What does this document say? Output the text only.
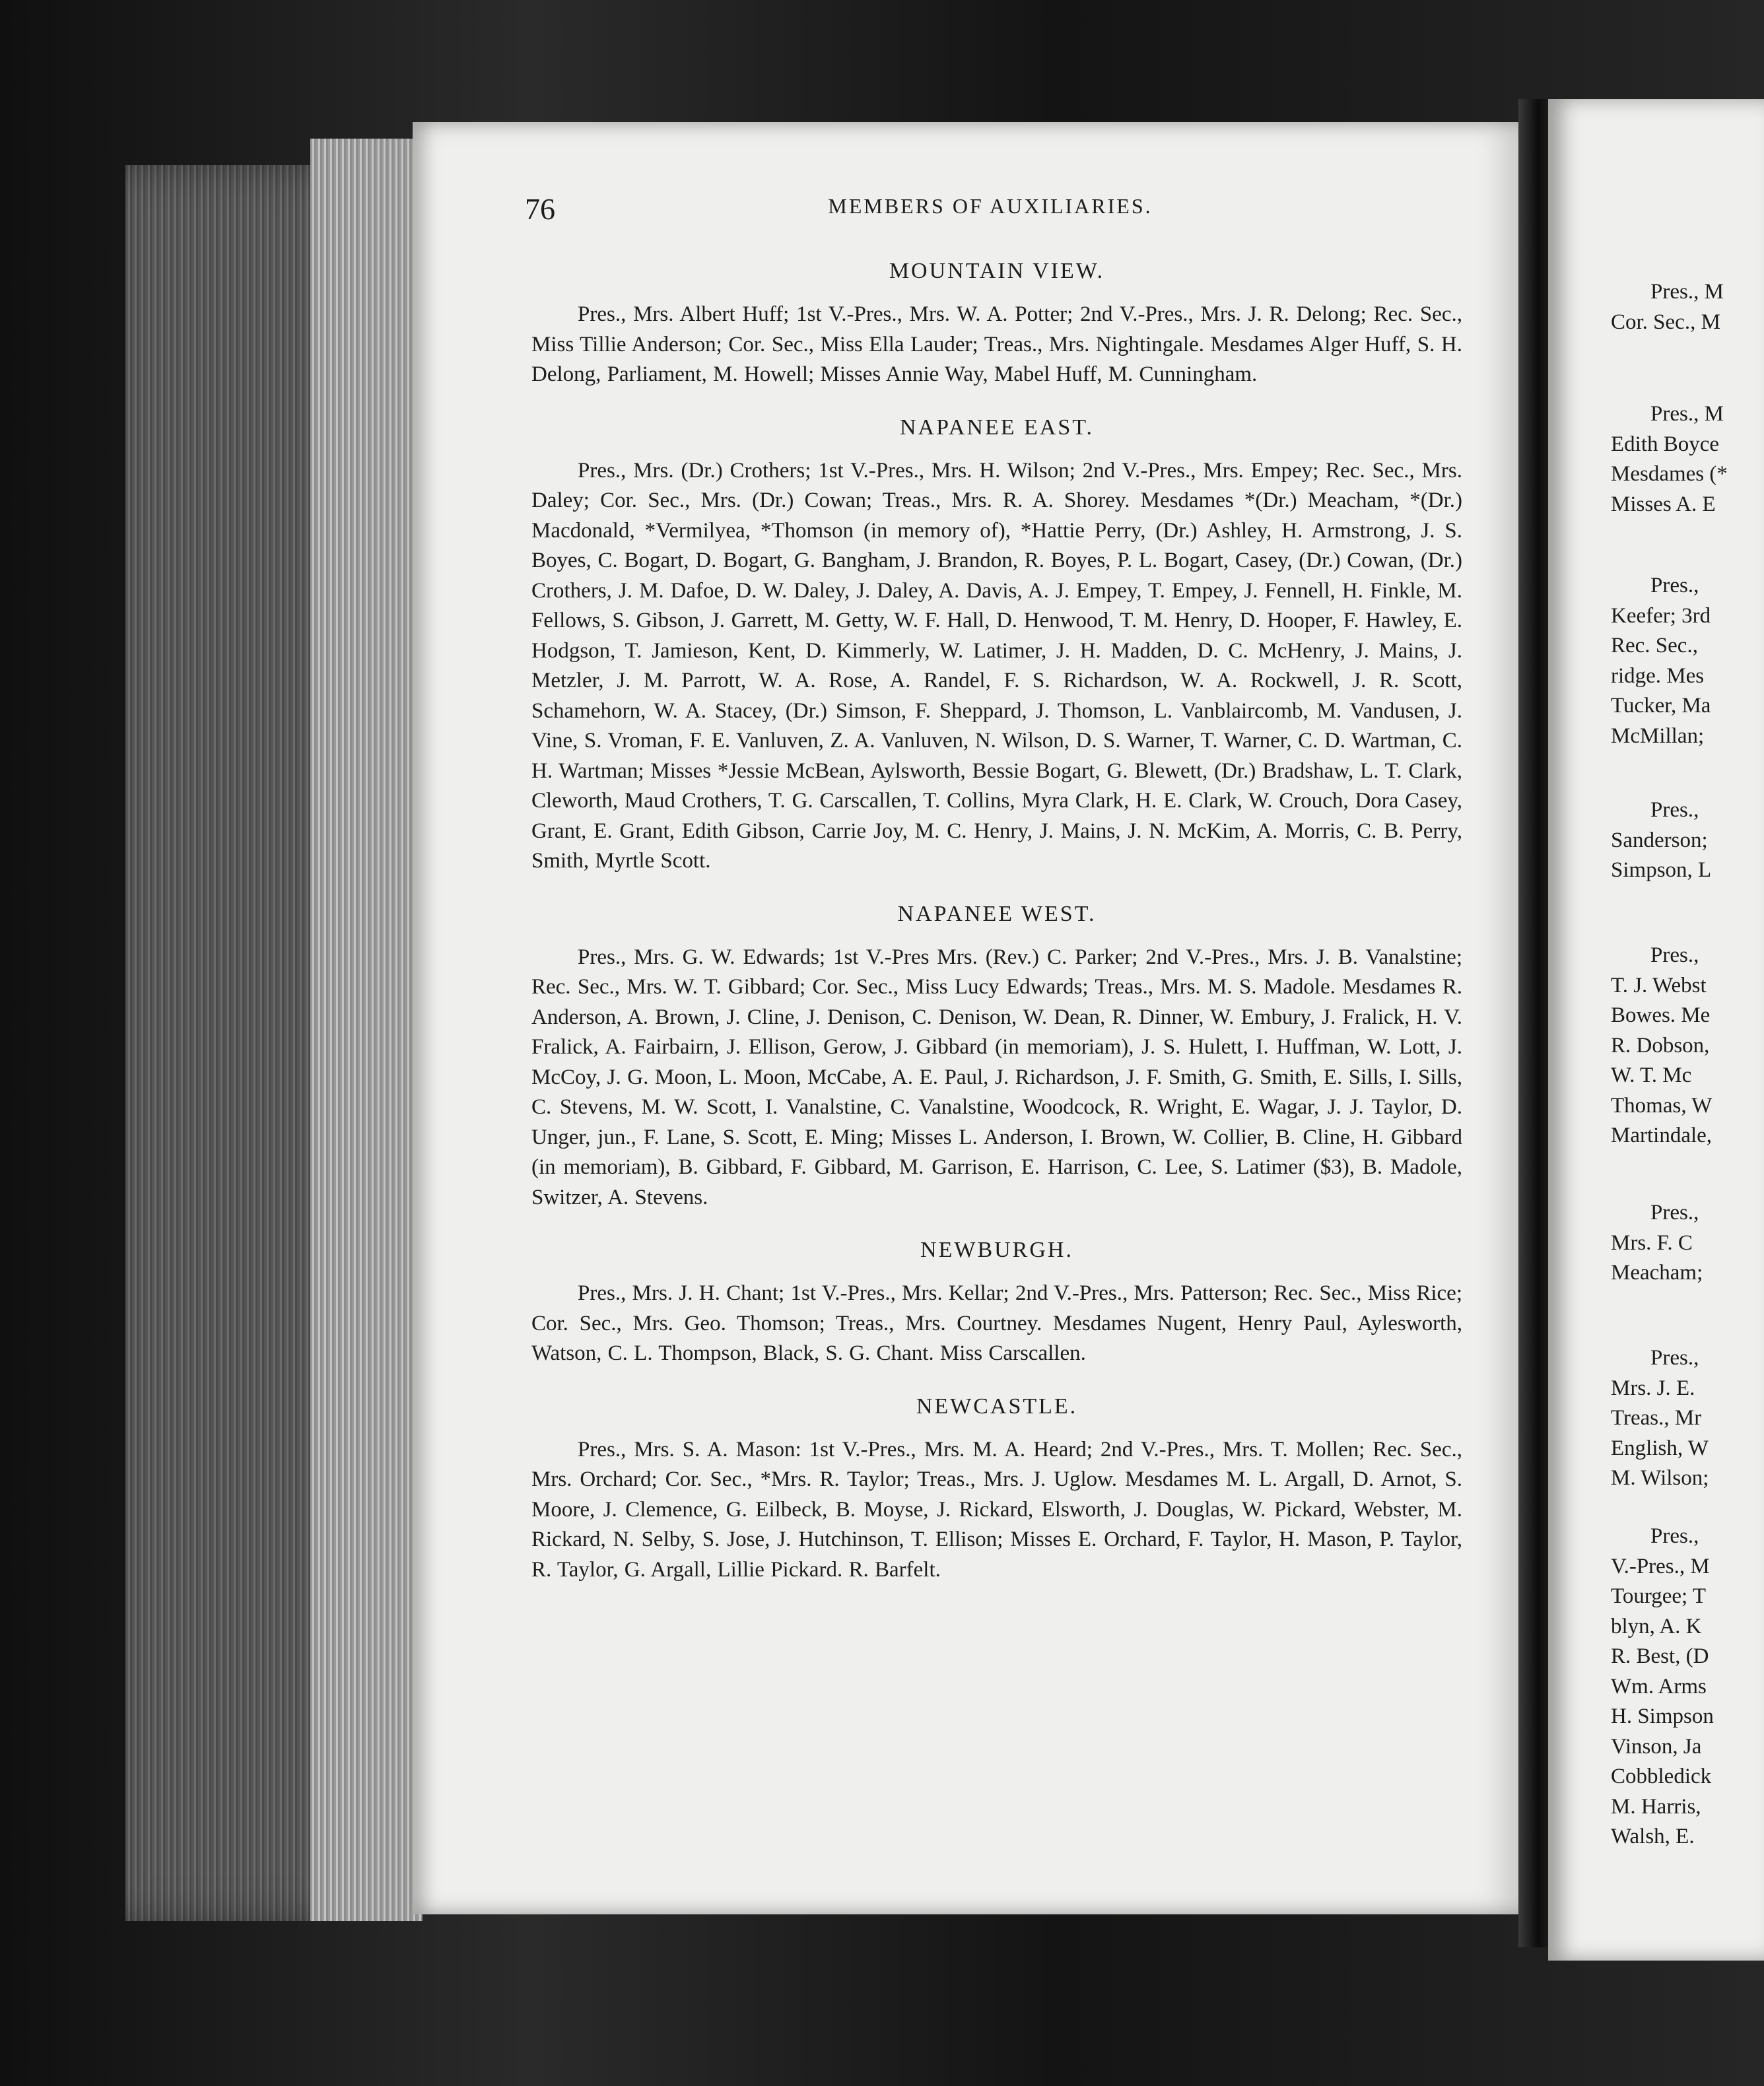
76	MEMBERS OF AUXILIARIES.

MOUNTAIN VIEW.

Pres., Mrs. Albert Huff; 1st V.-Pres., Mrs. W. A. Potter; 2nd V.-Pres., Mrs. J. R. Delong; Rec. Sec., Miss Tillie Anderson; Cor. Sec., Miss Ella Lauder; Treas., Mrs. Nightingale. Mesdames Alger Huff, S. H. Delong, Parliament, M. Howell; Misses Annie Way, Mabel Huff, M. Cunningham.

NAPANEE EAST.

Pres., Mrs. (Dr.) Crothers; 1st V.-Pres., Mrs. H. Wilson; 2nd V.-Pres., Mrs. Empey; Rec. Sec., Mrs. Daley; Cor. Sec., Mrs. (Dr.) Cowan; Treas., Mrs. R. A. Shorey. Mesdames *(Dr.) Meacham, *(Dr.) Macdonald, *Vermilyea, *Thomson (in memory of), *Hattie Perry, (Dr.) Ashley, H. Armstrong, J. S. Boyes, C. Bogart, D. Bogart, G. Bangham, J. Brandon, R. Boyes, P. L. Bogart, Casey, (Dr.) Cowan, (Dr.) Crothers, J. M. Dafoe, D. W. Daley, J. Daley, A. Davis, A. J. Empey, T. Empey, J. Fennell, H. Finkle, M. Fellows, S. Gibson, J. Garrett, M. Getty, W. F. Hall, D. Henwood, T. M. Henry, D. Hooper, F. Hawley, E. Hodgson, T. Jamieson, Kent, D. Kimmerly, W. Latimer, J. H. Madden, D. C. McHenry, J. Mains, J. Metzler, J. M. Parrott, W. A. Rose, A. Randel, F. S. Richardson, W. A. Rockwell, J. R. Scott, Schamehorn, W. A. Stacey, (Dr.) Simson, F. Sheppard, J. Thomson, L. Vanblaircomb, M. Vandusen, J. Vine, S. Vroman, F. E. Vanluven, Z. A. Vanluven, N. Wilson, D. S. Warner, T. Warner, C. D. Wartman, C. H. Wartman; Misses *Jessie McBean, Aylsworth, Bessie Bogart, G. Blewett, (Dr.) Bradshaw, L. T. Clark, Cleworth, Maud Crothers, T. G. Carscallen, T. Collins, Myra Clark, H. E. Clark, W. Crouch, Dora Casey, Grant, E. Grant, Edith Gibson, Carrie Joy, M. C. Henry, J. Mains, J. N. McKim, A. Morris, C. B. Perry, Smith, Myrtle Scott.

NAPANEE WEST.

Pres., Mrs. G. W. Edwards; 1st V.-Pres Mrs. (Rev.) C. Parker; 2nd V.-Pres., Mrs. J. B. Vanalstine; Rec. Sec., Mrs. W. T. Gibbard; Cor. Sec., Miss Lucy Edwards; Treas., Mrs. M. S. Madole. Mesdames R. Anderson, A. Brown, J. Cline, J. Denison, C. Denison, W. Dean, R. Dinner, W. Embury, J. Fralick, H. V. Fralick, A. Fairbairn, J. Ellison, Gerow, J. Gibbard (in memoriam), J. S. Hulett, I. Huffman, W. Lott, J. McCoy, J. G. Moon, L. Moon, McCabe, A. E. Paul, J. Richardson, J. F. Smith, G. Smith, E. Sills, I. Sills, C. Stevens, M. W. Scott, I. Vanalstine, C. Vanalstine, Woodcock, R. Wright, E. Wagar, J. J. Taylor, D. Unger, jun., F. Lane, S. Scott, E. Ming; Misses L. Anderson, I. Brown, W. Collier, B. Cline, H. Gibbard (in memoriam), B. Gibbard, F. Gibbard, M. Garrison, E. Harrison, C. Lee, S. Latimer ($3), B. Madole, Switzer, A. Stevens.

NEWBURGH.

Pres., Mrs. J. H. Chant; 1st V.-Pres., Mrs. Kellar; 2nd V.-Pres., Mrs. Patterson; Rec. Sec., Miss Rice; Cor. Sec., Mrs. Geo. Thomson; Treas., Mrs. Courtney. Mesdames Nugent, Henry Paul, Aylesworth, Watson, C. L. Thompson, Black, S. G. Chant. Miss Carscallen.

NEWCASTLE.

Pres., Mrs. S. A. Mason: 1st V.-Pres., Mrs. M. A. Heard; 2nd V.-Pres., Mrs. T. Mollen; Rec. Sec., Mrs. Orchard; Cor. Sec., *Mrs. R. Taylor; Treas., Mrs. J. Uglow. Mesdames M. L. Argall, D. Arnot, S. Moore, J. Clemence, G. Eilbeck, B. Moyse, J. Rickard, Elsworth, J. Douglas, W. Pickard, Webster, M. Rickard, N. Selby, S. Jose, J. Hutchinson, T. Ellison; Misses E. Orchard, F. Taylor, H. Mason, P. Taylor, R. Taylor, G. Argall, Lillie Pickard. R. Barfelt.

Pres., M
Cor. Sec., M
Pres., M
Edith Boyce
Mesdames (*
Misses A. E
Pres.,
Keefer; 3rd
Rec. Sec.,
ridge. Mes
Tucker, Ma
McMillan;
Pres.,
Sanderson;
Simpson, L
Pres.,
T. J. Webst
Bowes. Me
R. Dobson,
W. T. Mc
Thomas, W
Martindale,
Pres.,
Mrs. F. C
Meacham;
Pres.,
Mrs. J. E.
Treas., Mr
English, W
M. Wilson;
Pres.,
V.-Pres., M
Tourgee; T
blyn, A. K
R. Best, (D
Wm. Arms
H. Simpson
Vinson, Ja
Cobbledick
M. Harris,
Walsh, E.
